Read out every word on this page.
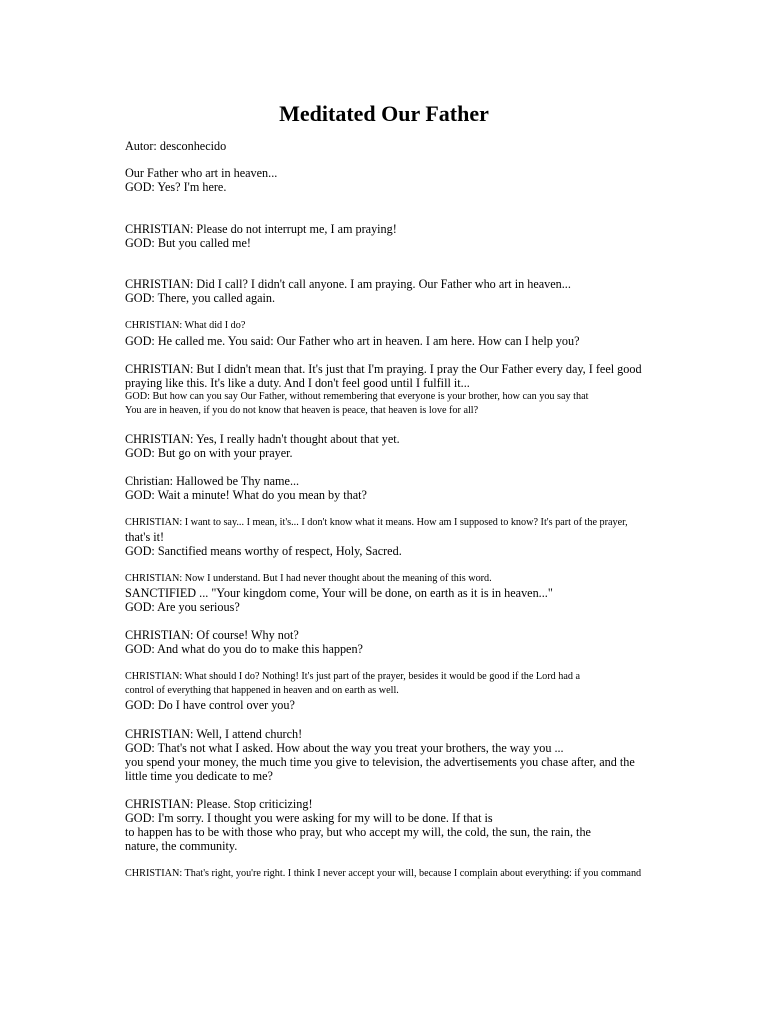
Meditated Our Father
Autor: desconhecido
Our Father who art in heaven...
GOD: Yes? I'm here.
CHRISTIAN: Please do not interrupt me, I am praying!
GOD: But you called me!
CHRISTIAN: Did I call? I didn't call anyone. I am praying. Our Father who art in heaven...
GOD: There, you called again.
CHRISTIAN: What did I do?
GOD: He called me. You said: Our Father who art in heaven. I am here. How can I help you?
CHRISTIAN: But I didn't mean that. It's just that I'm praying. I pray the Our Father every day, I feel good
praying like this. It's like a duty. And I don't feel good until I fulfill it...
GOD: But how can you say Our Father, without remembering that everyone is your brother, how can you say that
You are in heaven, if you do not know that heaven is peace, that heaven is love for all?
CHRISTIAN: Yes, I really hadn't thought about that yet.
GOD: But go on with your prayer.
Christian: Hallowed be Thy name...
GOD: Wait a minute! What do you mean by that?
CHRISTIAN: I want to say... I mean, it's... I don't know what it means. How am I supposed to know? It's part of the prayer,
that's it!
GOD: Sanctified means worthy of respect, Holy, Sacred.
CHRISTIAN: Now I understand. But I had never thought about the meaning of this word.
SANCTIFIED ... "Your kingdom come, Your will be done, on earth as it is in heaven..."
GOD: Are you serious?
CHRISTIAN: Of course! Why not?
GOD: And what do you do to make this happen?
CHRISTIAN: What should I do? Nothing! It's just part of the prayer, besides it would be good if the Lord had a
control of everything that happened in heaven and on earth as well.
GOD: Do I have control over you?
CHRISTIAN: Well, I attend church!
GOD: That's not what I asked. How about the way you treat your brothers, the way you ...
you spend your money, the much time you give to television, the advertisements you chase after, and the
little time you dedicate to me?
CHRISTIAN: Please. Stop criticizing!
GOD: I'm sorry. I thought you were asking for my will to be done. If that is
to happen has to be with those who pray, but who accept my will, the cold, the sun, the rain, the
nature, the community.
CHRISTIAN: That's right, you're right. I think I never accept your will, because I complain about everything: if you command
